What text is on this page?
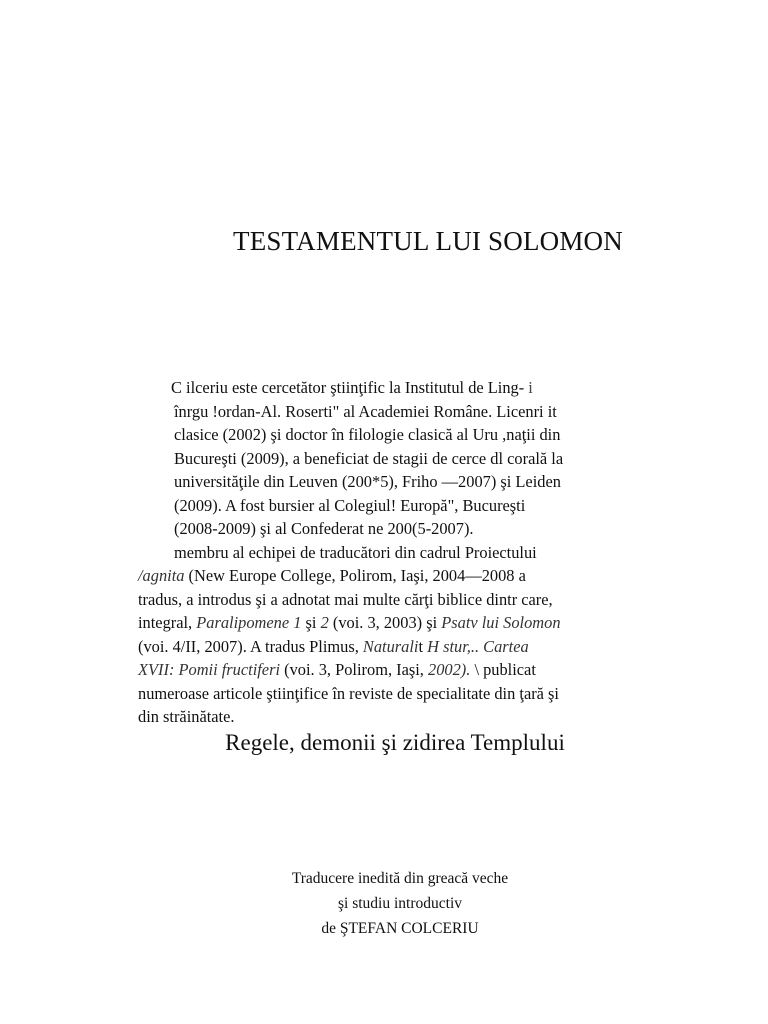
TESTAMENTUL LUI SOLOMON
C ilceriu este cercetător ştiinţific la Institutul de Ling- i
înrgu !ordan-Al. Roserti" al Academiei Române. Licenri it
clasice (2002) şi doctor în filologie clasică al Uru ,naţii din
Bucureşti (2009), a beneficiat de stagii de cerce dl corală la
universităţile din Leuven (200*5), Friho —2007) şi Leiden
(2009). A fost bursier al Colegiul! Europă", Bucureşti
(2008-2009) şi al Confederat ne 200(5-2007).
membru al echipei de traducători din cadrul Proiectului
/agnita (New Europe College, Polirom, Iaşi, 2004—2008 a
tradus, a introdus şi a adnotat mai multe cărţi biblice dintr care,
integral, Paralipomene 1 şi 2 (voi. 3, 2003) şi Psatv lui Solomon
(voi. 4/II, 2007). A tradus Plimus, Naturalit H stur,.. Cartea
XVII: Pomii fructiferi (voi. 3, Polirom, Iaşi, 2002). \ publicat
numeroase articole ştiinţifice în reviste de specialitate din ţară şi
din străinătate.
Regele, demonii şi zidirea Templului
Traducere inedită din greacă veche
şi studiu introductiv
de ŞTEFAN COLCERIU
